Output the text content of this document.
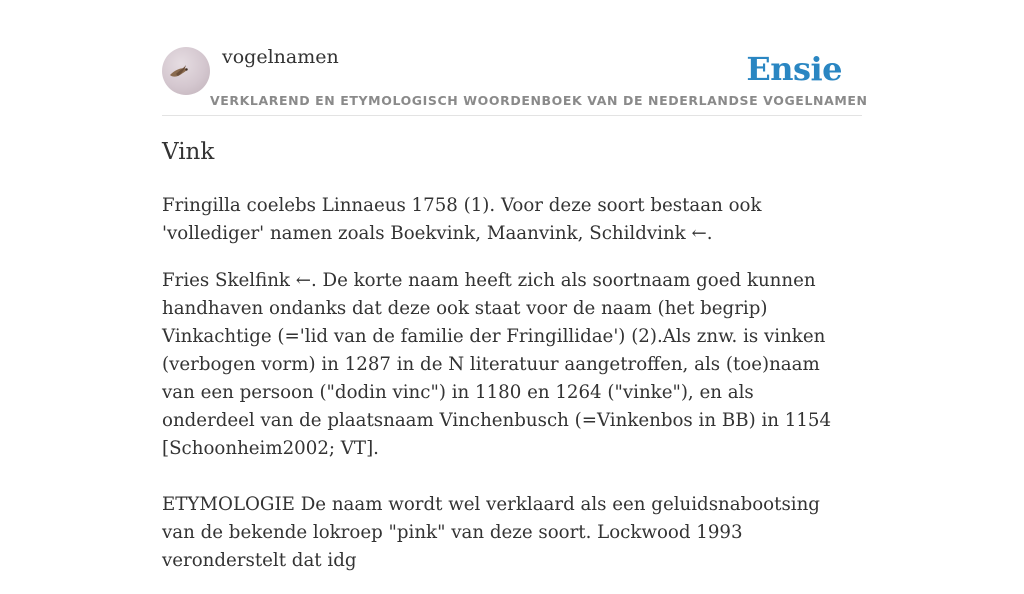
vogelnamen	Ensie
VERKLAREND EN ETYMOLOGISCH WOORDENBOEK VAN DE NEDERLANDSE VOGELNAMEN
Vink

Fringilla coelebs Linnaeus 1758 (1). Voor deze soort bestaan ook 'vollediger' namen zoals Boekvink, Maanvink, Schildvink ←.

Fries Skelfink ←. De korte naam heeft zich als soortnaam goed kunnen handhaven ondanks dat deze ook staat voor de naam (het begrip) Vinkachtige (='lid van de familie der Fringillidae') (2).Als znw. is vinken (verbogen vorm) in 1287 in de N literatuur aangetroffen, als (toe)naam van een persoon ("dodin vinc") in 1180 en 1264 ("vinke"), en als onderdeel van de plaatsnaam Vinchenbusch (=Vinkenbos in BB) in 1154 [Schoonheim2002; VT].

ETYMOLOGIE De naam wordt wel verklaard als een geluidsnabootsing van de bekende lokroep "pink" van deze soort. Lockwood 1993 veronderstelt dat idg
